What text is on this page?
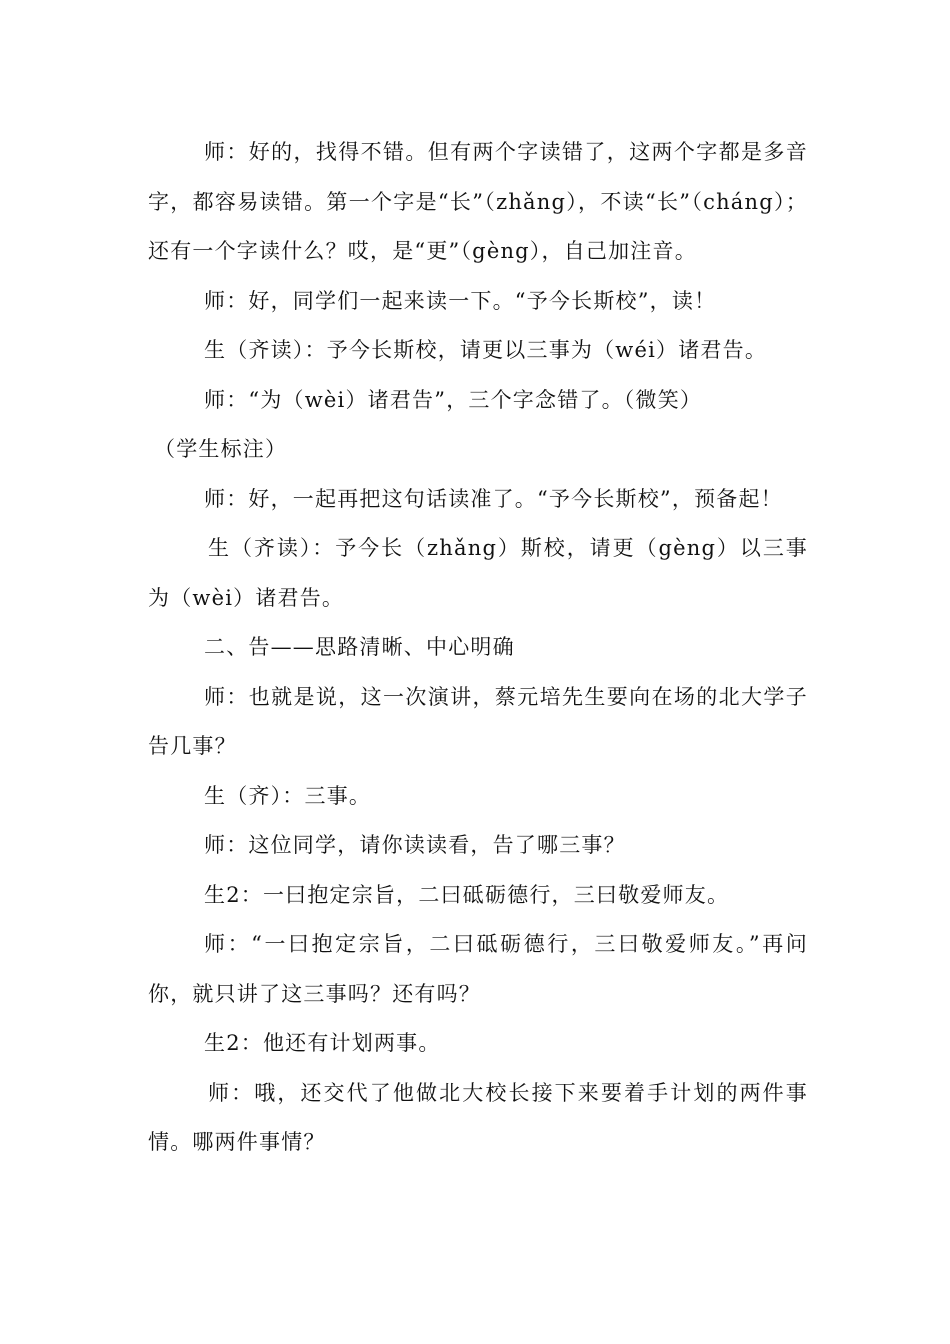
师：好的，找得不错。但有两个字读错了，这两个字都是多音字，都容易读错。第一个字是“长”（zhǎng），不读“长”（cháng）；还有一个字读什么？哎，是“更”（gèng），自己加注音。

师：好，同学们一起来读一下。“予今长斯校”，读！

生（齐读）：予今长斯校，请更以三事为（wéi）诸君告。

师：“为（wèi）诸君告”，三个字念错了。（微笑）

（学生标注）

师：好，一起再把这句话读准了。“予今长斯校”，预备起！

生（齐读）：予今长（zhǎng）斯校，请更（gèng）以三事为（wèi）诸君告。

二、告——思路清晰、中心明确

师：也就是说，这一次演讲，蔡元培先生要向在场的北大学子告几事？

生（齐）：三事。

师：这位同学，请你读读看，告了哪三事？

生2：一曰抱定宗旨，二曰砥砺德行，三曰敬爱师友。

师：“一曰抱定宗旨，二曰砥砺德行，三曰敬爱师友。”再问你，就只讲了这三事吗？还有吗？

生2：他还有计划两事。

师：哦，还交代了他做北大校长接下来要着手计划的两件事情。哪两件事情？
